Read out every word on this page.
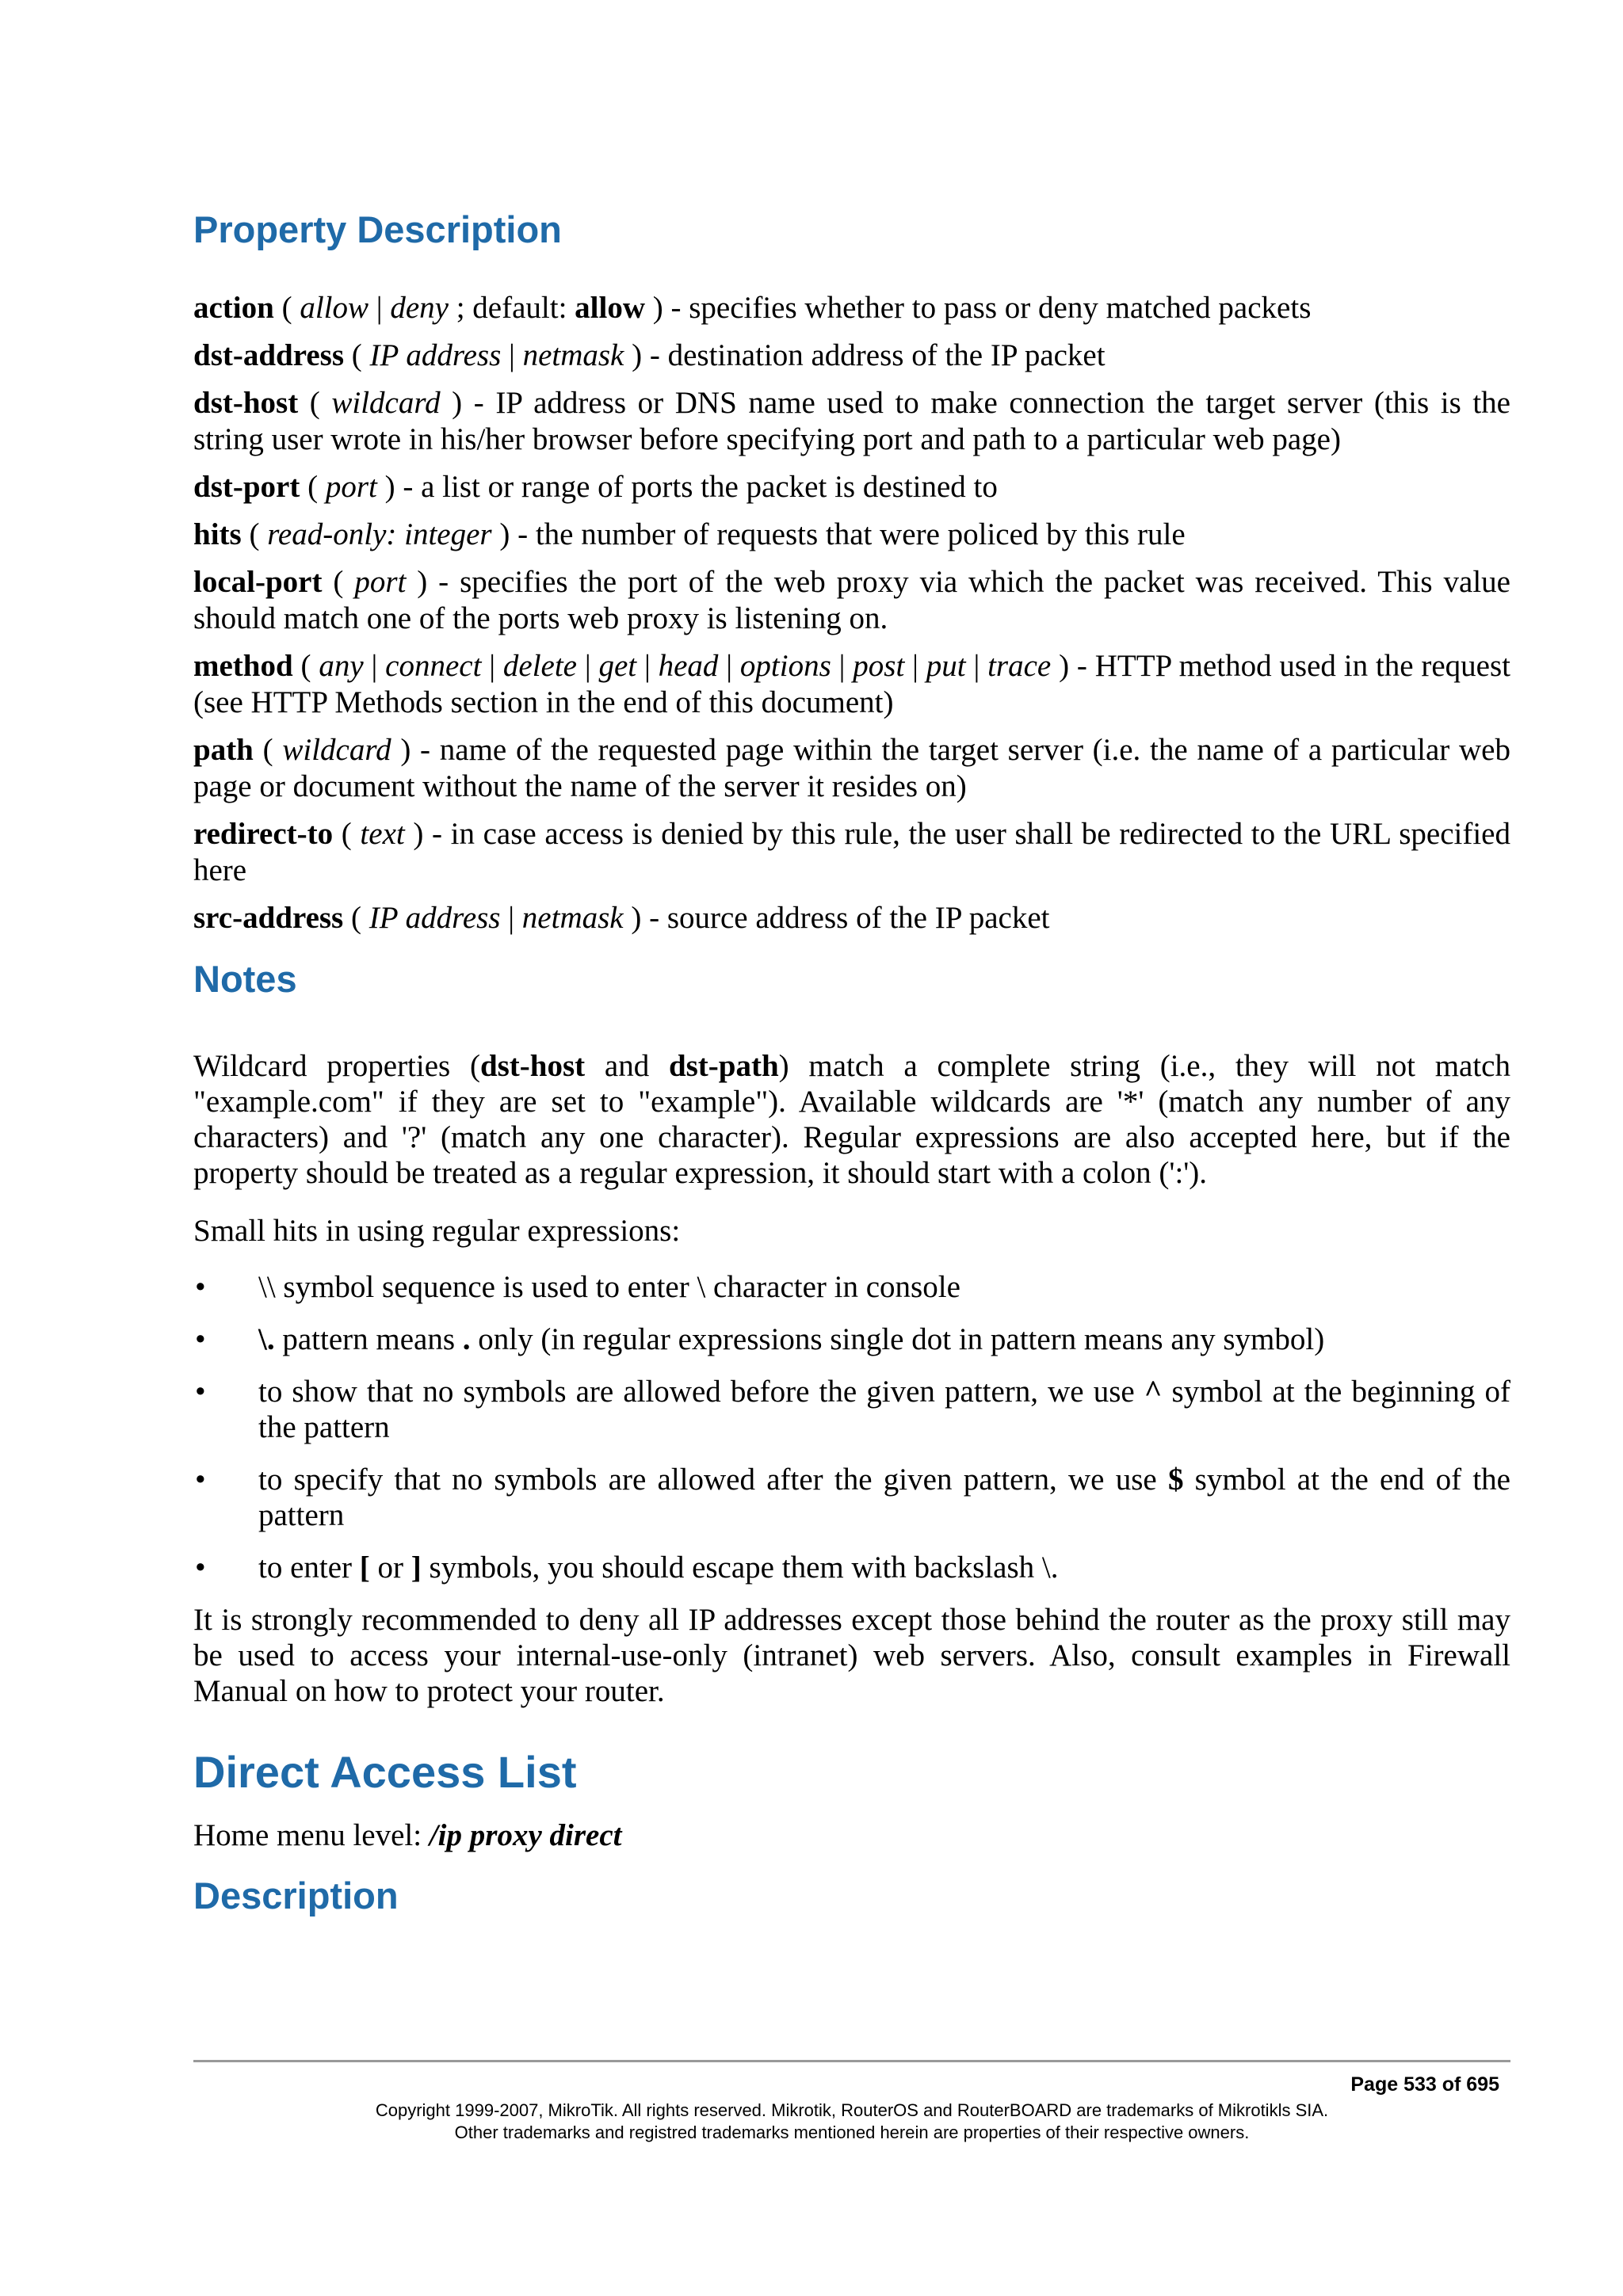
Property Description
action ( allow | deny ; default: allow ) - specifies whether to pass or deny matched packets
dst-address ( IP address | netmask ) - destination address of the IP packet
dst-host ( wildcard ) - IP address or DNS name used to make connection the target server (this is the string user wrote in his/her browser before specifying port and path to a particular web page)
dst-port ( port ) - a list or range of ports the packet is destined to
hits ( read-only: integer ) - the number of requests that were policed by this rule
local-port ( port ) - specifies the port of the web proxy via which the packet was received. This value should match one of the ports web proxy is listening on.
method ( any | connect | delete | get | head | options | post | put | trace ) - HTTP method used in the request (see HTTP Methods section in the end of this document)
path ( wildcard ) - name of the requested page within the target server (i.e. the name of a particular web page or document without the name of the server it resides on)
redirect-to ( text ) - in case access is denied by this rule, the user shall be redirected to the URL specified here
src-address ( IP address | netmask ) - source address of the IP packet
Notes
Wildcard properties (dst-host and dst-path) match a complete string (i.e., they will not match "example.com" if they are set to "example"). Available wildcards are '*' (match any number of any characters) and '?' (match any one character). Regular expressions are also accepted here, but if the property should be treated as a regular expression, it should start with a colon (':').
Small hits in using regular expressions:
• \\ symbol sequence is used to enter \ character in console
• \. pattern means . only (in regular expressions single dot in pattern means any symbol)
• to show that no symbols are allowed before the given pattern, we use ^ symbol at the beginning of the pattern
• to specify that no symbols are allowed after the given pattern, we use $ symbol at the end of the pattern
• to enter [ or ] symbols, you should escape them with backslash \.
It is strongly recommended to deny all IP addresses except those behind the router as the proxy still may be used to access your internal-use-only (intranet) web servers. Also, consult examples in Firewall Manual on how to protect your router.
Direct Access List
Home menu level: /ip proxy direct
Description
Page 533 of 695
Copyright 1999-2007, MikroTik. All rights reserved. Mikrotik, RouterOS and RouterBOARD are trademarks of Mikrotikls SIA.
Other trademarks and registred trademarks mentioned herein are properties of their respective owners.
